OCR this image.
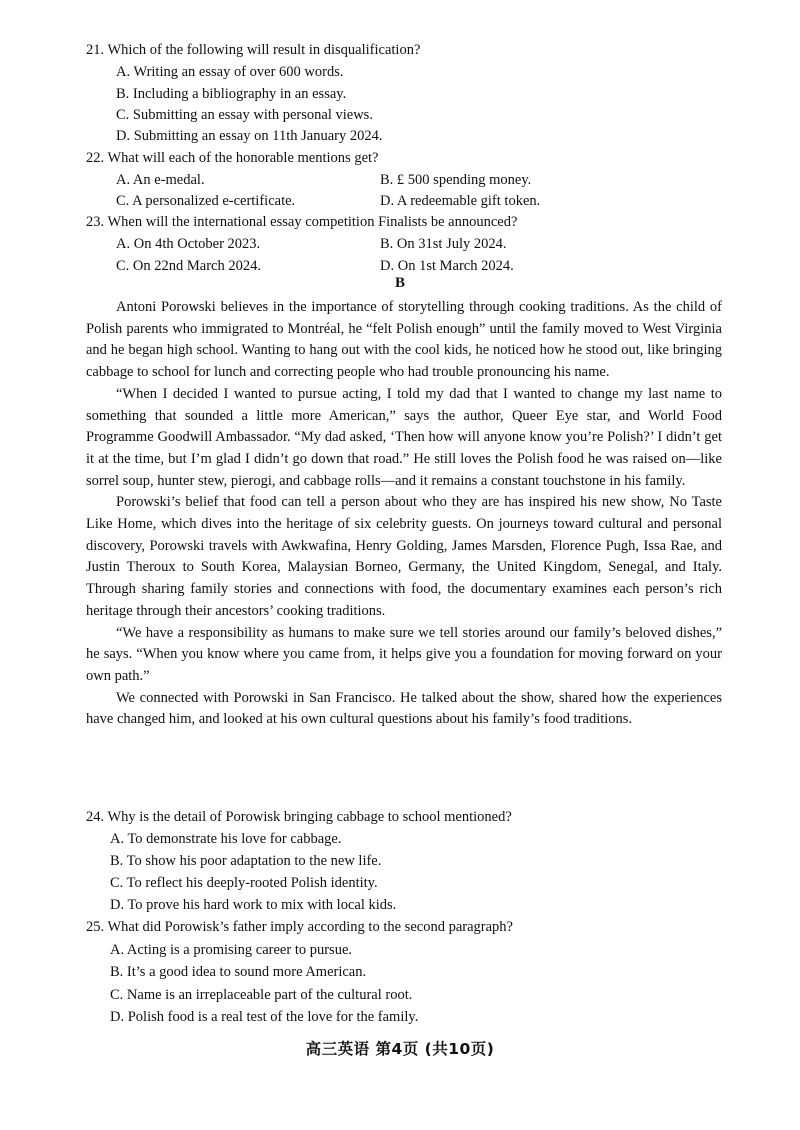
21. Which of the following will result in disqualification?
A. Writing an essay of over 600 words.
B. Including a bibliography in an essay.
C. Submitting an essay with personal views.
D. Submitting an essay on 11th January 2024.
22. What will each of the honorable mentions get?
A. An e-medal.	B. £ 500 spending money.
C. A personalized e-certificate.	D. A redeemable gift token.
23. When will the international essay competition Finalists be announced?
A. On 4th October 2023.	B. On 31st July 2024.
C. On 22nd March 2024.	D. On 1st March 2024.
B

Antoni Porowski believes in the importance of storytelling through cooking traditions. As the child of Polish parents who immigrated to Montréal, he “felt Polish enough” until the family moved to West Virginia and he began high school. Wanting to hang out with the cool kids, he noticed how he stood out, like bringing cabbage to school for lunch and correcting people who had trouble pronouncing his name.

“When I decided I wanted to pursue acting, I told my dad that I wanted to change my last name to something that sounded a little more American,” says the author, Queer Eye star, and World Food Programme Goodwill Ambassador. “My dad asked, ‘Then how will anyone know you’re Polish?’ I didn’t get it at the time, but I’m glad I didn’t go down that road.” He still loves the Polish food he was raised on—like sorrel soup, hunter stew, pierogi, and cabbage rolls—and it remains a constant touchstone in his family.

Porowski’s belief that food can tell a person about who they are has inspired his new show, No Taste Like Home, which dives into the heritage of six celebrity guests. On journeys toward cultural and personal discovery, Porowski travels with Awkwafina, Henry Golding, James Marsden, Florence Pugh, Issa Rae, and Justin Theroux to South Korea, Malaysian Borneo, Germany, the United Kingdom, Senegal, and Italy. Through sharing family stories and connections with food, the documentary examines each person’s rich heritage through their ancestors’ cooking traditions.

“We have a responsibility as humans to make sure we tell stories around our family’s beloved dishes,” he says. “When you know where you came from, it helps give you a foundation for moving forward on your own path.”

We connected with Porowski in San Francisco. He talked about the show, shared how the experiences have changed him, and looked at his own cultural questions about his family’s food traditions.

24. Why is the detail of Porowisk bringing cabbage to school mentioned?
A. To demonstrate his love for cabbage.
B. To show his poor adaptation to the new life.
C. To reflect his deeply-rooted Polish identity.
D. To prove his hard work to mix with local kids.
25. What did Porowisk’s father imply according to the second paragraph?
A. Acting is a promising career to pursue.
B. It’s a good idea to sound more American.
C. Name is an irreplaceable part of the cultural root.
D. Polish food is a real test of the love for the family.
高三英语 第4页 (共10页)
